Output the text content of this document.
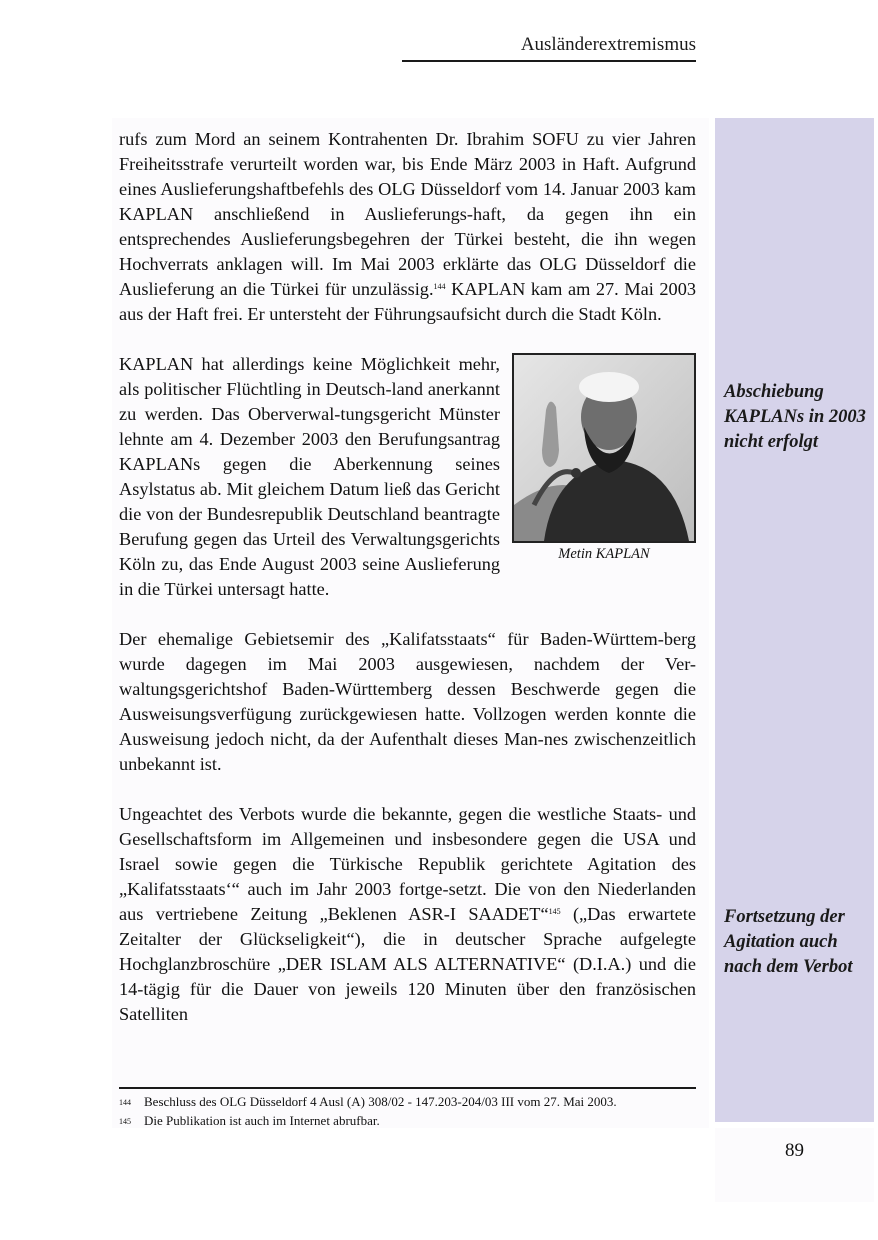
Ausländerextremismus

rufs zum Mord an seinem Kontrahenten Dr. Ibrahim SOFU zu vier Jahren Freiheitsstrafe verurteilt worden war, bis Ende März 2003 in Haft. Aufgrund eines Auslieferungshaftbefehls des OLG Düsseldorf vom 14. Januar 2003 kam KAPLAN anschließend in Auslieferungs-haft, da gegen ihn ein entsprechendes Auslieferungsbegehren der Türkei besteht, die ihn wegen Hochverrats anklagen will. Im Mai 2003 erklärte das OLG Düsseldorf die Auslieferung an die Türkei für unzulässig.$^{144}$ KAPLAN kam am 27. Mai 2003 aus der Haft frei. Er untersteht der Führungsaufsicht durch die Stadt Köln.

Metin KAPLAN
KAPLAN hat allerdings keine Möglichkeit mehr, als politischer Flüchtling in Deutsch-land anerkannt zu werden. Das Oberverwal-tungsgericht Münster lehnte am 4. Dezember 2003 den Berufungsantrag KAPLANs gegen die Aberkennung seines Asylstatus ab. Mit gleichem Datum ließ das Gericht die von der Bundesrepublik Deutschland beantragte Berufung gegen das Urteil des Verwaltungsgerichts Köln zu, das Ende August 2003 seine Auslieferung in die Türkei untersagt hatte.

Der ehemalige Gebietsemir des „Kalifatsstaats“ für Baden-Württem-berg wurde dagegen im Mai 2003 ausgewiesen, nachdem der Ver-waltungsgerichtshof Baden-Württemberg dessen Beschwerde gegen die Ausweisungsverfügung zurückgewiesen hatte. Vollzogen werden konnte die Ausweisung jedoch nicht, da der Aufenthalt dieses Man-nes zwischenzeitlich unbekannt ist.

Ungeachtet des Verbots wurde die bekannte, gegen die westliche Staats- und Gesellschaftsform im Allgemeinen und insbesondere gegen die USA und Israel sowie gegen die Türkische Republik gerichtete Agitation des „Kalifatsstaats‘“ auch im Jahr 2003 fortge-setzt. Die von den Niederlanden aus vertriebene Zeitung „Beklenen ASR-I SAADET“$^{145}$ („Das erwartete Zeitalter der Glückseligkeit“), die in deutscher Sprache aufgelegte Hochglanzbroschüre „DER ISLAM ALS ALTERNATIVE“ (D.I.A.) und die 14-tägig für die Dauer von jeweils 120 Minuten über den französischen Satelliten

Abschiebung KAPLANs in 2003 nicht erfolgt
Fortsetzung der Agitation auch nach dem Verbot
144	Beschluss des OLG Düsseldorf 4 Ausl (A) 308/02 - 147.203-204/03 III vom 27. Mai 2003.
145	Die Publikation ist auch im Internet abrufbar.
89
